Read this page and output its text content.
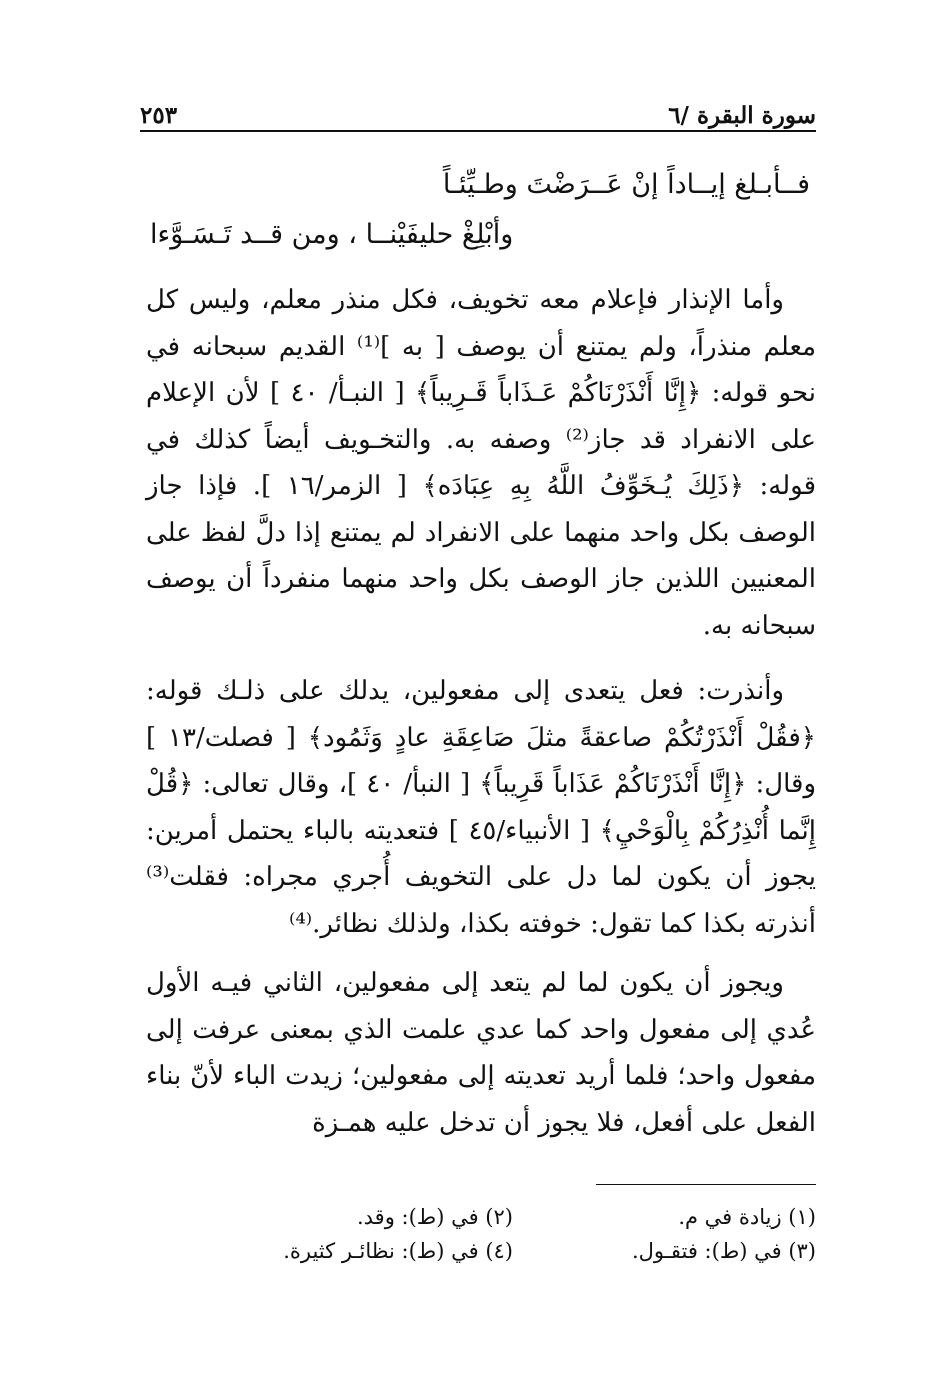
سورة البقرة /٦
٢٥٣
فــأبـلغ إيــاداً إنْ عَــرَضْتَ وطـيِّئـاً
وأبْلِغْ حليفَيْنــا ، ومن قــد تَـسَـوَّءا
وأما الإنذار فإعلام معه تخويف، فكل منذر معلم، وليس كل معلم منذراً، ولم يمتنع أن يوصف [ به ]⁽¹⁾ القديم سبحانه في نحو قوله: ﴿إِنَّا أَنْذَرْنَاكُمْ عَـذَاباً قَـرِيباً﴾ [ النبـأ/ ٤٠ ] لأن الإعلام على الانفراد قد جاز⁽²⁾ وصفه به. والتخـويف أيضاً كذلك في قوله: ﴿ذَلِكَ يُـخَوِّفُ اللَّهُ بِهِ عِبَادَه﴾ [ الزمر/١٦ ]. فإذا جاز الوصف بكل واحد منهما على الانفراد لم يمتنع إذا دلَّ لفظ على المعنيين اللذين جاز الوصف بكل واحد منهما منفرداً أن يوصف سبحانه به.
وأنذرت: فعل يتعدى إلى مفعولين، يدلك على ذلـك قوله: ﴿فقُلْ أَنْذَرْتُكُمْ صاعقةً مثلَ صَاعِقَةِ عادٍ وَثَمُود﴾ [ فصلت/١٣ ] وقال: ﴿إِنَّا أَنْذَرْنَاكُمْ عَذَاباً قَرِيباً﴾ [ النبأ/ ٤٠ ]، وقال تعالى: ﴿قُلْ إِنَّما أُنْذِرُكُمْ بِالْوَحْيِ﴾ [ الأنبياء/٤٥ ] فتعديته بالباء يحتمل أمرين: يجوز أن يكون لما دل على التخويف أُجري مجراه: فقلت⁽³⁾ أنذرته بكذا كما تقول: خوفته بكذا، ولذلك نظائر.⁽⁴⁾
ويجوز أن يكون لما لم يتعد إلى مفعولين، الثاني فيـه الأول عُدي إلى مفعول واحد كما عدي علمت الذي بمعنى عرفت إلى مفعول واحد؛ فلما أريد تعديته إلى مفعولين؛ زيدت الباء لأنّ بناء الفعل على أفعل، فلا يجوز أن تدخل عليه همـزة
(١) زيادة في م.
(٢) في (ط): وقد.
(٣) في (ط): فتقـول.
(٤) في (ط): نظائـر كثيرة.
